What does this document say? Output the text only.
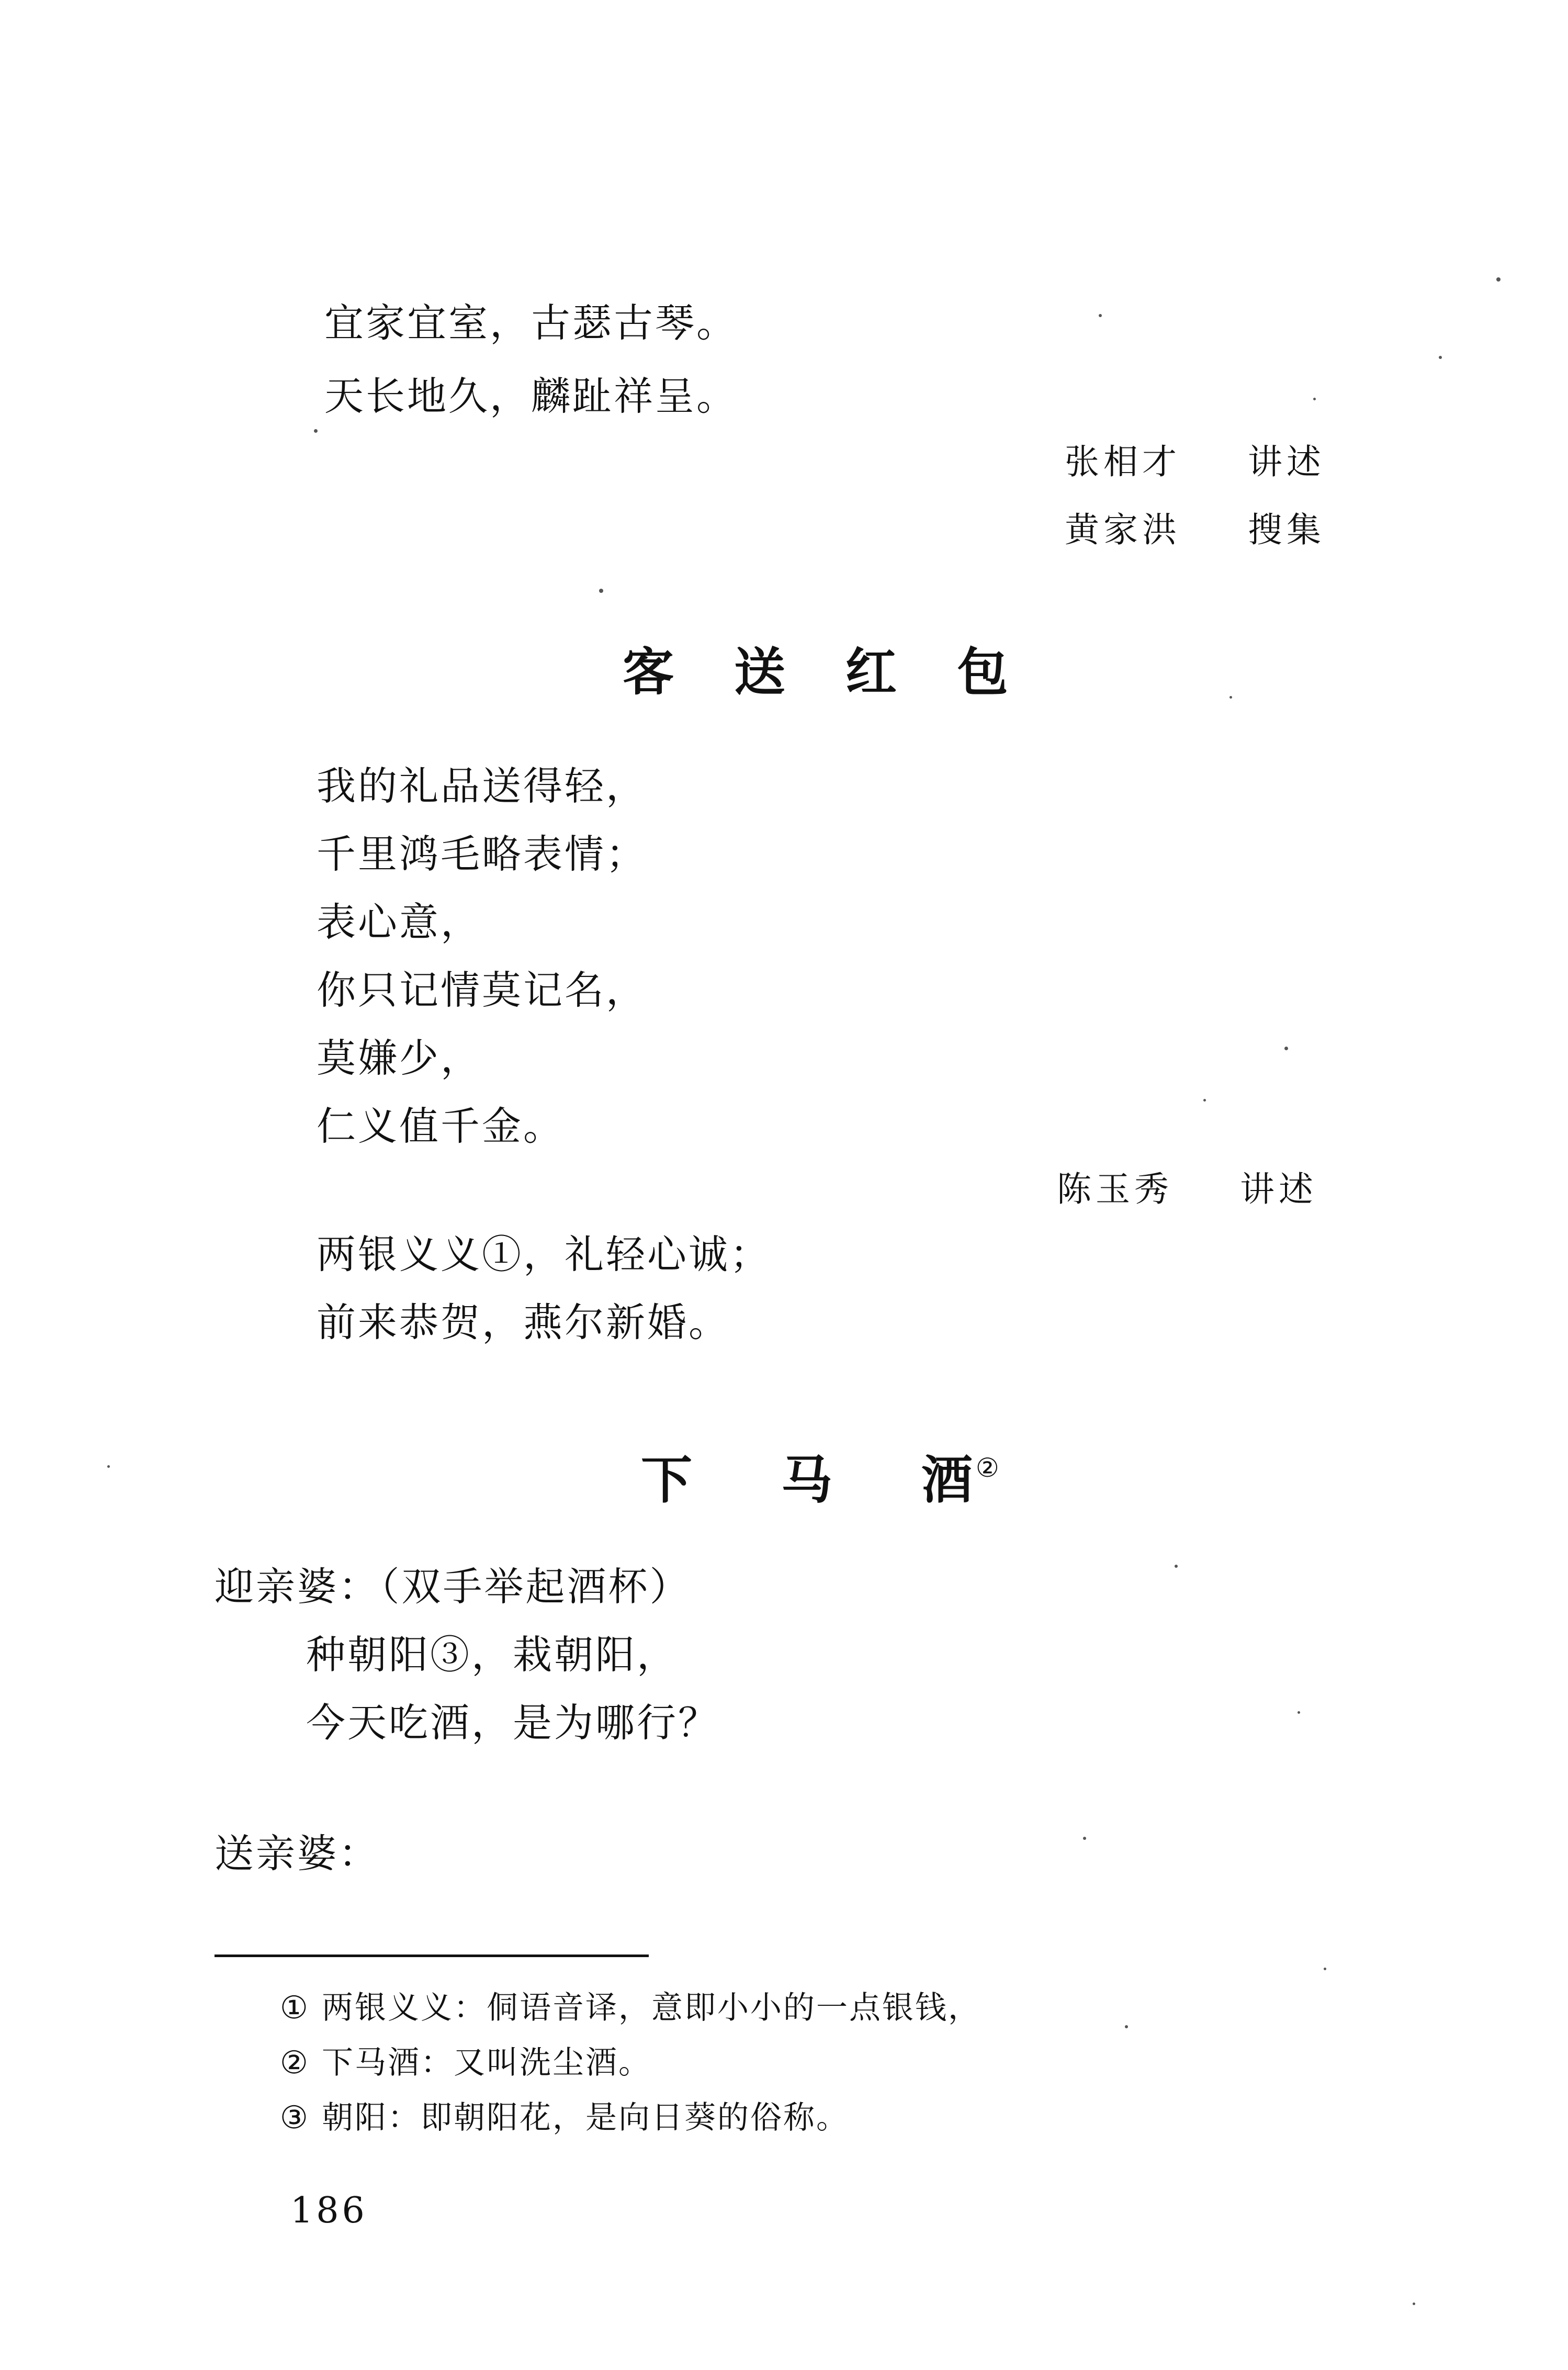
宜家宜室，古瑟古琴。
天长地久，麟趾祥呈。
张相才 讲述
黄家洪 搜集
客 送 红 包
我的礼品送得轻，
千里鸿毛略表情；
表心意，
你只记情莫记名，
莫嫌少，
仁义值千金。
陈玉秀 讲述
两银义义①，礼轻心诚；
前来恭贺，燕尔新婚。
下 马 酒 ②
迎亲婆：（双手举起酒杯）
种朝阳③，栽朝阳，
今天吃酒，是为哪行？
送亲婆：
① 两银义义：侗语音译，意即小小的一点银钱，
② 下马酒：又叫洗尘酒。
③ 朝阳：即朝阳花，是向日葵的俗称。
186
